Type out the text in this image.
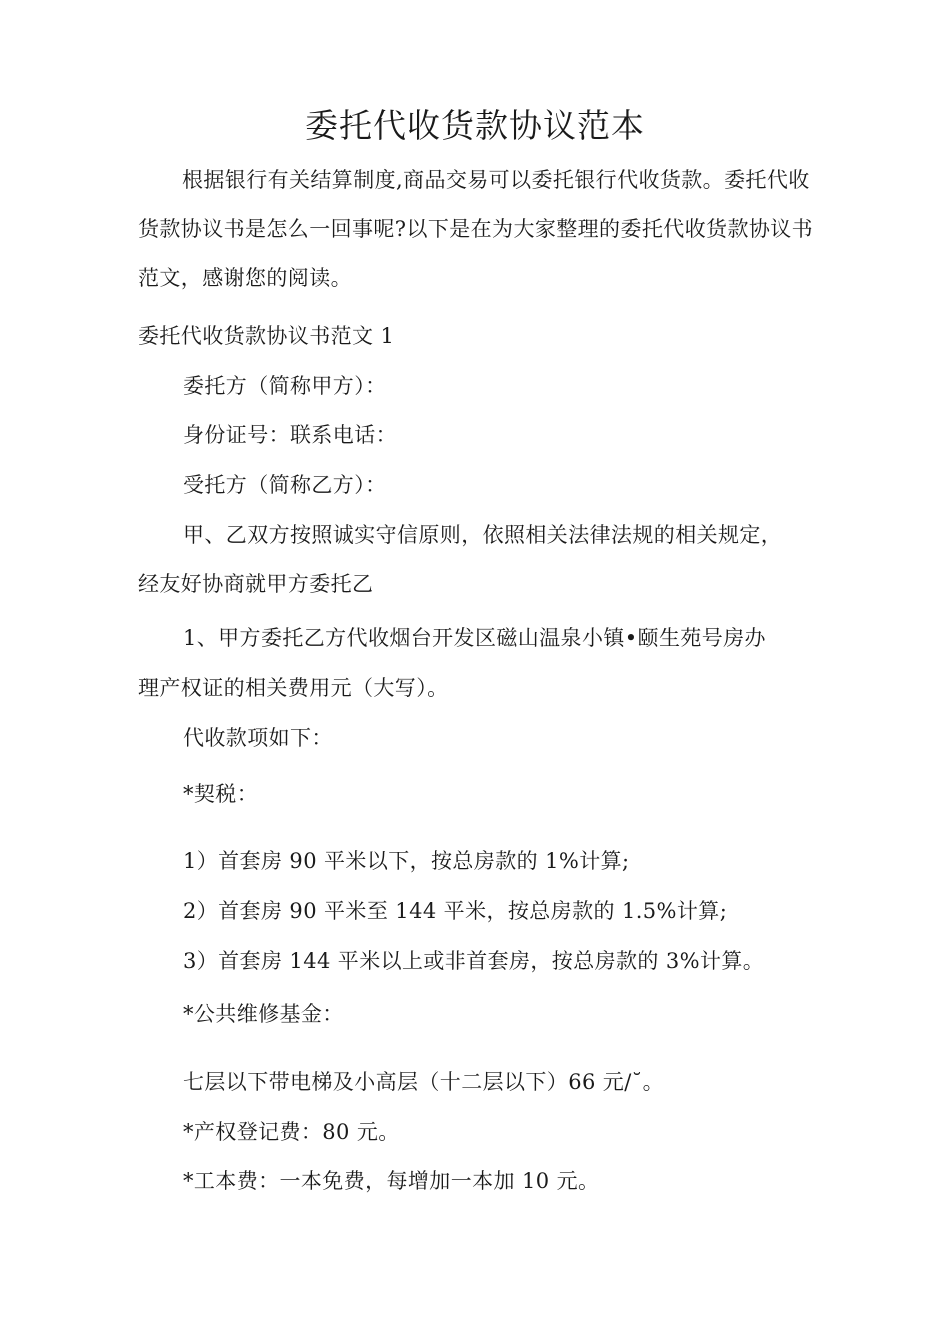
委托代收货款协议范本
根据银行有关结算制度,商品交易可以委托银行代收货款。委托代收货款协议书是怎么一回事呢?以下是在为大家整理的委托代收货款协议书范文，感谢您的阅读。
委托代收货款协议书范文 1
委托方（简称甲方）：
身份证号：联系电话：
受托方（简称乙方）：
甲、乙双方按照诚实守信原则，依照相关法律法规的相关规定，
经友好协商就甲方委托乙
1、甲方委托乙方代收烟台开发区磁山温泉小镇•颐生苑号房办
理产权证的相关费用元（大写）。
代收款项如下：
*契税：
1）首套房 90 平米以下，按总房款的 1%计算;
2）首套房 90 平米至 144 平米，按总房款的 1.5%计算;
3）首套房 144 平米以上或非首套房，按总房款的 3%计算。
*公共维修基金：
七层以下带电梯及小高层（十二层以下）66 元/˘。
*产权登记费：80 元。
*工本费：一本免费，每增加一本加 10 元。
